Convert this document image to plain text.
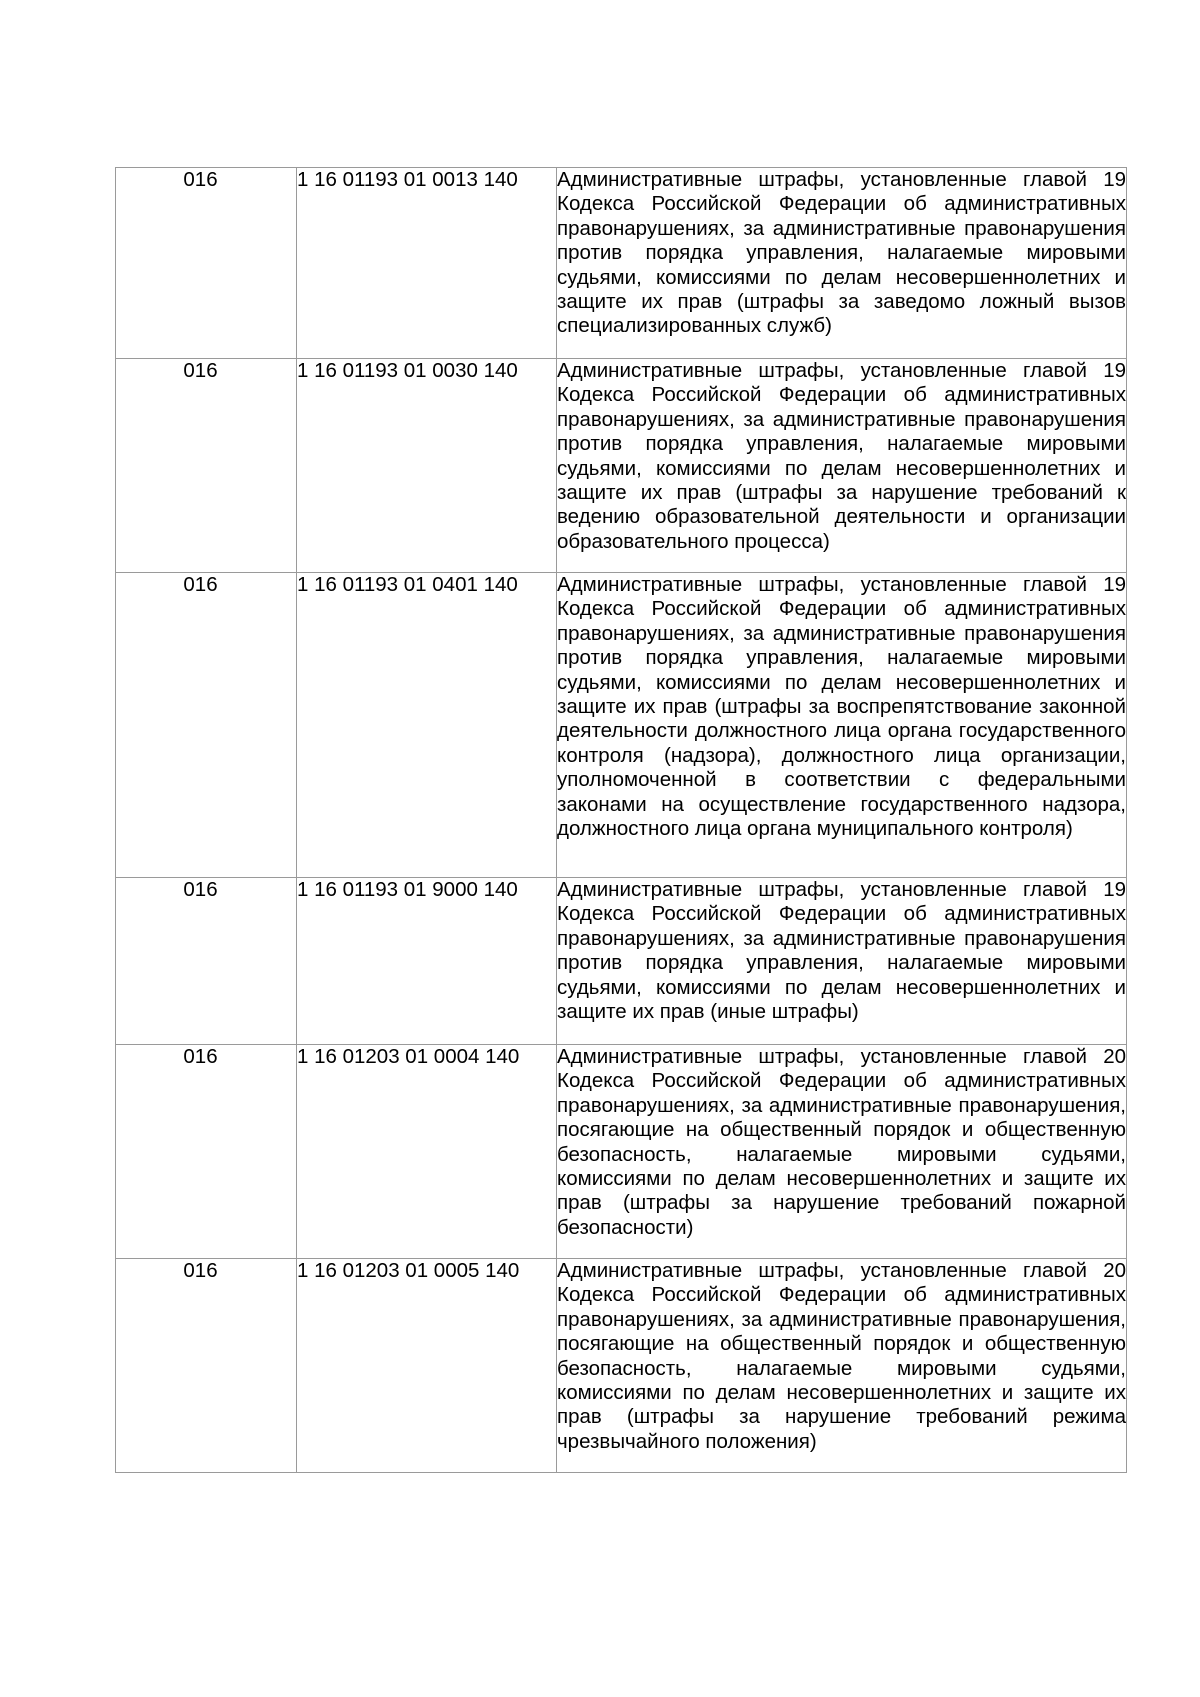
016	1 16 01193 01 0013 140	Административные штрафы, установленные главой 19 Кодекса Российской Федерации об административных правонарушениях, за административные правонарушения против порядка управления, налагаемые мировыми судьями, комиссиями по делам несовершеннолетних и защите их прав (штрафы за заведомо ложный вызов специализированных служб)

016	1 16 01193 01 0030 140	Административные штрафы, установленные главой 19 Кодекса Российской Федерации об административных правонарушениях, за административные правонарушения против порядка управления, налагаемые мировыми судьями, комиссиями по делам несовершеннолетних и защите их прав (штрафы за нарушение требований к ведению образовательной деятельности и организации образовательного процесса)

016	1 16 01193 01 0401 140	Административные штрафы, установленные главой 19 Кодекса Российской Федерации об административных правонарушениях, за административные правонарушения против порядка управления, налагаемые мировыми судьями, комиссиями по делам несовершеннолетних и защите их прав (штрафы за воспрепятствование законной деятельности должностного лица органа государственного контроля (надзора), должностного лица организации, уполномоченной в соответствии с федеральными законами на осуществление государственного надзора, должностного лица органа муниципального контроля)

016	1 16 01193 01 9000 140	Административные штрафы, установленные главой 19 Кодекса Российской Федерации об административных правонарушениях, за административные правонарушения против порядка управления, налагаемые мировыми судьями, комиссиями по делам несовершеннолетних и защите их прав (иные штрафы)

016	1 16 01203 01 0004 140	Административные штрафы, установленные главой 20 Кодекса Российской Федерации об административных правонарушениях, за административные правонарушения, посягающие на общественный порядок и общественную безопасность, налагаемые мировыми судьями, комиссиями по делам несовершеннолетних и защите их прав (штрафы за нарушение требований пожарной безопасности)

016	1 16 01203 01 0005 140	Административные штрафы, установленные главой 20 Кодекса Российской Федерации об административных правонарушениях, за административные правонарушения, посягающие на общественный порядок и общественную безопасность, налагаемые мировыми судьями, комиссиями по делам несовершеннолетних и защите их прав (штрафы за нарушение требований режима чрезвычайного положения)
